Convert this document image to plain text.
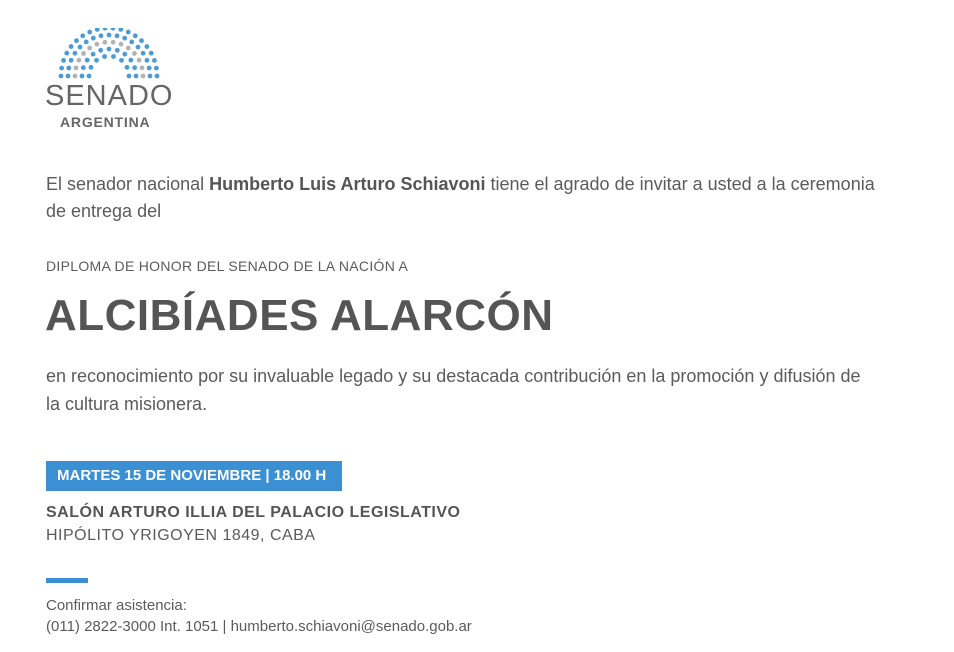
SENADO
ARGENTINA

El senador nacional Humberto Luis Arturo Schiavoni tiene el agrado de invitar a usted a la ceremonia de entrega del

DIPLOMA DE HONOR DEL SENADO DE LA NACIÓN A
ALCIBÍADES ALARCÓN

en reconocimiento por su invaluable legado y su destacada contribución en la promoción y difusión de la cultura misionera.

MARTES 15 DE NOVIEMBRE | 18.00 H
SALÓN ARTURO ILLIA DEL PALACIO LEGISLATIVO
HIPÓLITO YRIGOYEN 1849, CABA
Confirmar asistencia:
(011) 2822-3000 Int. 1051 | humberto.schiavoni@senado.gob.ar
